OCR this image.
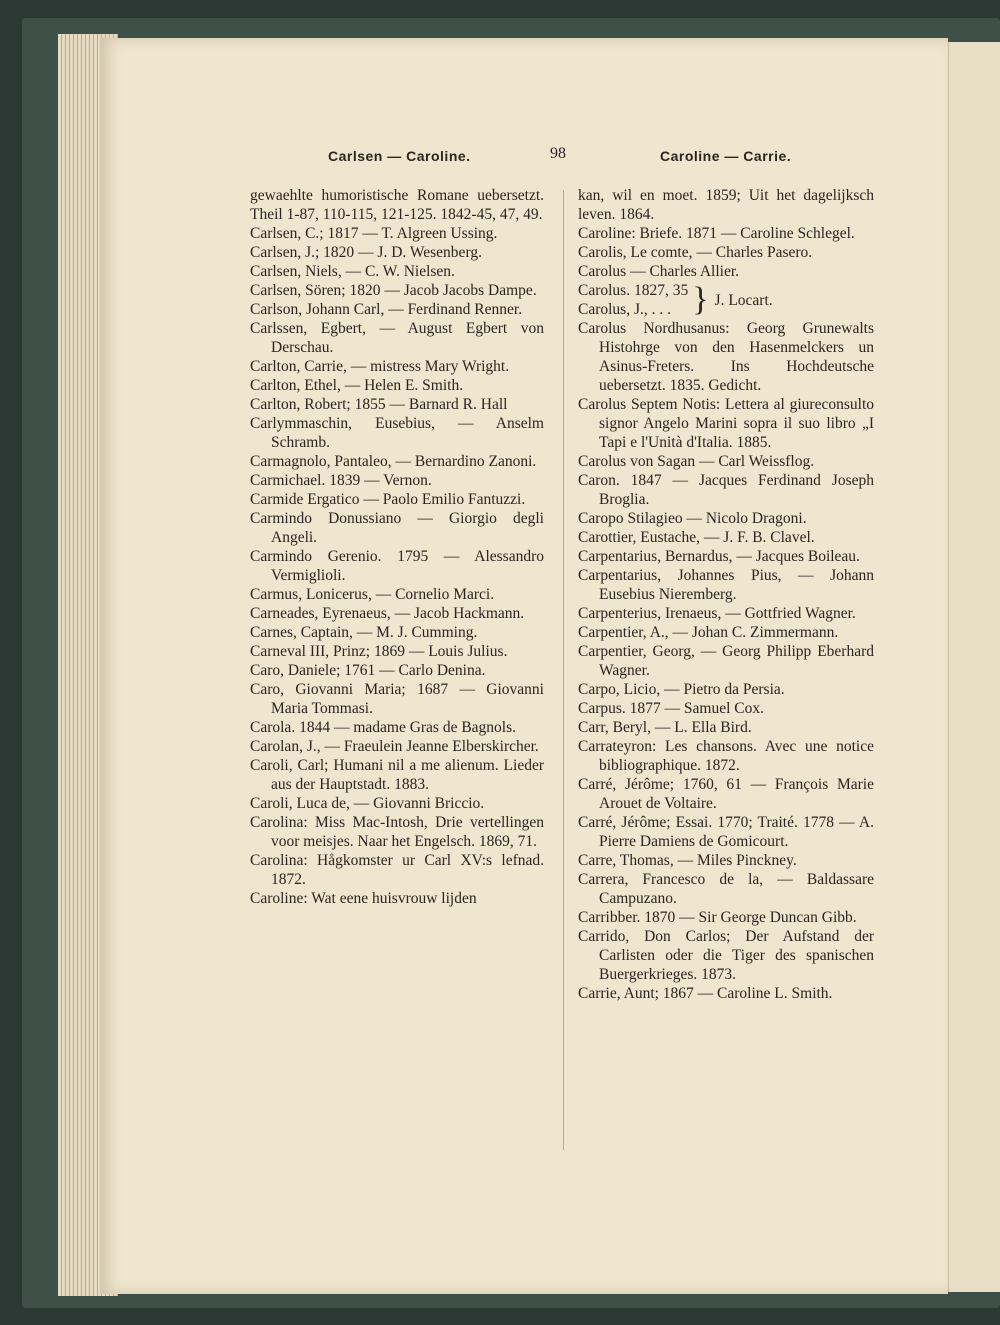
Carlsen — Caroline.	98	Caroline — Carrie.

gewaehlte humoristische Romane uebersetzt. Theil 1-87, 110-115, 121-125. 1842-45, 47, 49.

Carlsen, C.; 1817 — T. Algreen Ussing.

Carlsen, J.; 1820 — J. D. Wesenberg.

Carlsen, Niels, — C. W. Nielsen.

Carlsen, Sören; 1820 — Jacob Jacobs Dampe.

Carlson, Johann Carl, — Ferdinand Renner.

Carlssen, Egbert, — August Egbert von Derschau.

Carlton, Carrie, — mistress Mary Wright.

Carlton, Ethel, — Helen E. Smith.

Carlton, Robert; 1855 — Barnard R. Hall

Carlymmaschin, Eusebius, — Anselm Schramb.

Carmagnolo, Pantaleo, — Bernardino Zanoni.

Carmichael. 1839 — Vernon.

Carmide Ergatico — Paolo Emilio Fantuzzi.

Carmindo Donussiano — Giorgio degli Angeli.

Carmindo Gerenio. 1795 — Alessandro Vermiglioli.

Carmus, Lonicerus, — Cornelio Marci.

Carneades, Eyrenaeus, — Jacob Hackmann.

Carnes, Captain, — M. J. Cumming.

Carneval III, Prinz; 1869 — Louis Julius.

Caro, Daniele; 1761 — Carlo Denina.

Caro, Giovanni Maria; 1687 — Giovanni Maria Tommasi.

Carola. 1844 — madame Gras de Bagnols.

Carolan, J., — Fraeulein Jeanne Elberskircher.

Caroli, Carl; Humani nil a me alienum. Lieder aus der Hauptstadt. 1883.

Caroli, Luca de, — Giovanni Briccio.

Carolina: Miss Mac-Intosh, Drie vertellingen voor meisjes. Naar het Engelsch. 1869, 71.

Carolina: Hågkomster ur Carl XV:s lefnad. 1872.

Caroline: Wat eene huisvrouw lijden

kan, wil en moet. 1859; Uit het dagelijksch leven. 1864.

Caroline: Briefe. 1871 — Caroline Schlegel.

Carolis, Le comte, — Charles Pasero.

Carolus — Charles Allier.

Carolus. 1827, 35
Carolus, J., . . . } J. Locart.

Carolus Nordhusanus: Georg Grunewalts Histohrge von den Hasenmelckers un Asinus-Freters. Ins Hochdeutsche uebersetzt. 1835. Gedicht.

Carolus Septem Notis: Lettera al giureconsulto signor Angelo Marini sopra il suo libro „I Tapi e l'Unità d'Italia. 1885.

Carolus von Sagan — Carl Weissflog.

Caron. 1847 — Jacques Ferdinand Joseph Broglia.

Caropo Stilagieo — Nicolo Dragoni.

Carottier, Eustache, — J. F. B. Clavel.

Carpentarius, Bernardus, — Jacques Boileau.

Carpentarius, Johannes Pius, — Johann Eusebius Nieremberg.

Carpenterius, Irenaeus, — Gottfried Wagner.

Carpentier, A., — Johan C. Zimmermann.

Carpentier, Georg, — Georg Philipp Eberhard Wagner.

Carpo, Licio, — Pietro da Persia.

Carpus. 1877 — Samuel Cox.

Carr, Beryl, — L. Ella Bird.

Carrateyron: Les chansons. Avec une notice bibliographique. 1872.

Carré, Jérôme; 1760, 61 — François Marie Arouet de Voltaire.

Carré, Jérôme; Essai. 1770; Traité. 1778 — A. Pierre Damiens de Gomicourt.

Carre, Thomas, — Miles Pinckney.

Carrera, Francesco de la, — Baldassare Campuzano.

Carribber. 1870 — Sir George Duncan Gibb.

Carrido, Don Carlos; Der Aufstand der Carlisten oder die Tiger des spanischen Buergerkrieges. 1873.

Carrie, Aunt; 1867 — Caroline L. Smith.
